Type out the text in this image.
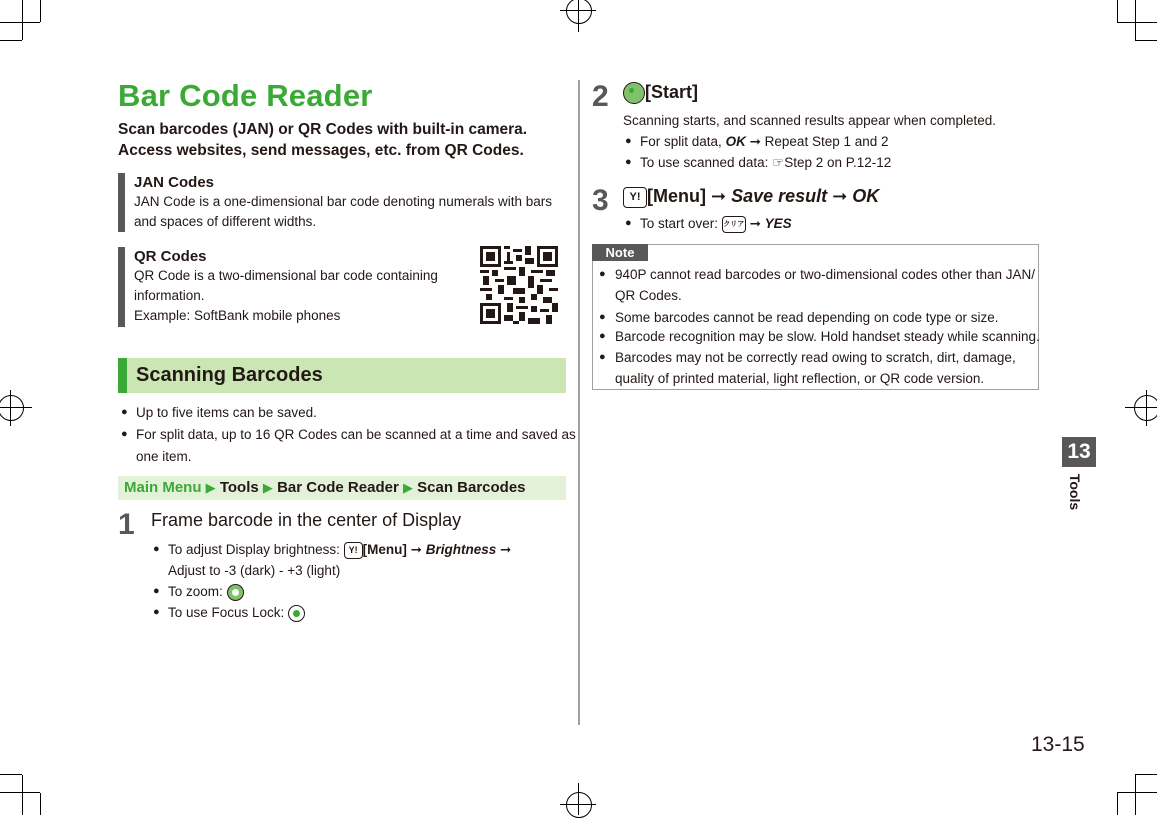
Bar Code Reader
Scan barcodes (JAN) or QR Codes with built-in camera.
Access websites, send messages, etc. from QR Codes.
JAN Codes
JAN Code is a one-dimensional bar code denoting numerals with bars
and spaces of different widths.
QR Codes
QR Code is a two-dimensional bar code containing
information.
Example: SoftBank mobile phones
Scanning Barcodes
● Up to five items can be saved.
● For split data, up to 16 QR Codes can be scanned at a time and saved as
one item.
Main Menu ▶ Tools ▶ Bar Code Reader ▶ Scan Barcodes
1 Frame barcode in the center of Display
● To adjust Display brightness: Y! [Menu] ➞ Brightness ➞
Adjust to -3 (dark) - +3 (light)
● To zoom:
● To use Focus Lock:
2	[Start]
Scanning starts, and scanned results appear when completed.
● For split data, OK ➞ Repeat Step 1 and 2
● To use scanned data: ☞Step 2 on P.12-12
3	Y! [Menu] ➞ Save result ➞ OK
● To start over: クリア ➞ YES
Note
● 940P cannot read barcodes or two-dimensional codes other than JAN/
QR Codes.
● Some barcodes cannot be read depending on code type or size.
● Barcode recognition may be slow. Hold handset steady while scanning.
● Barcodes may not be correctly read owing to scratch, dirt, damage,
quality of printed material, light reflection, or QR code version.
13
Tools
13-15
